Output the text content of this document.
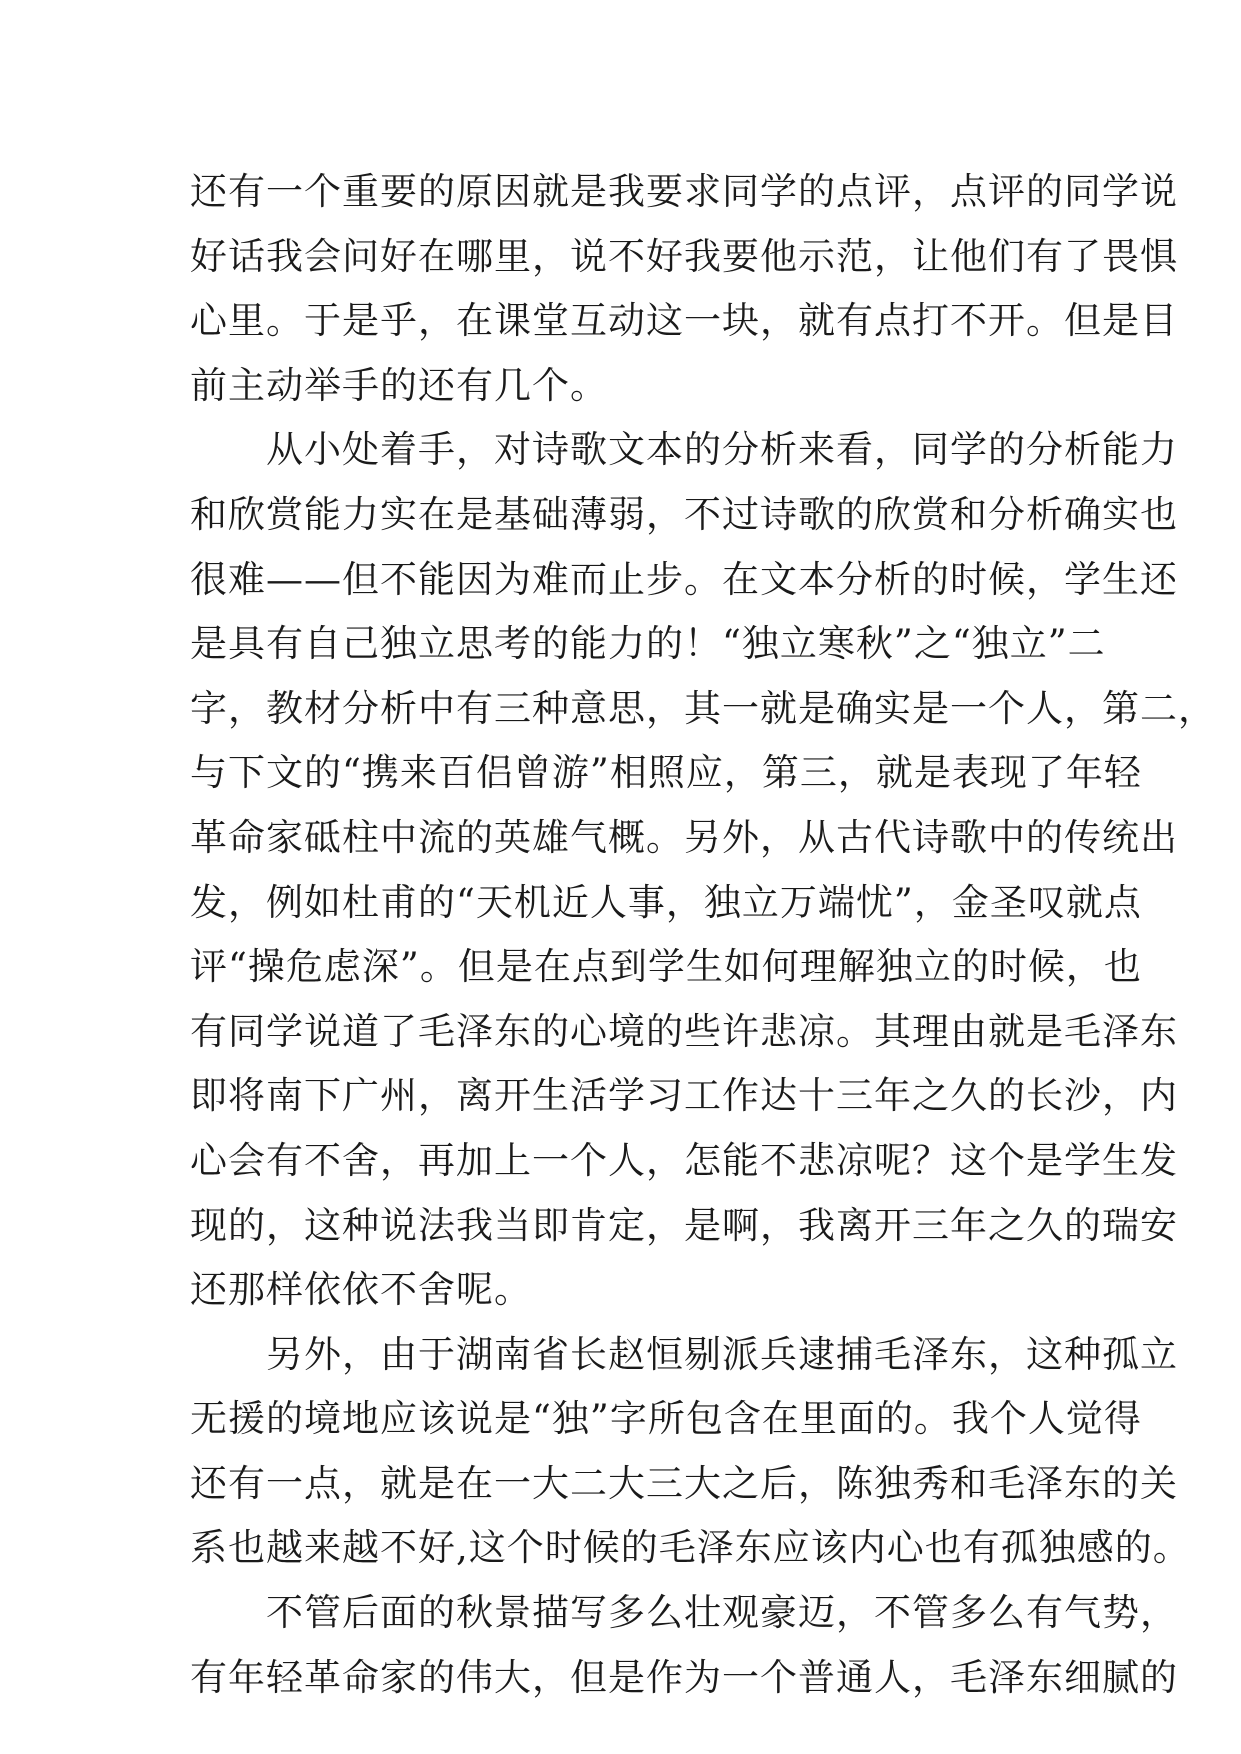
还有一个重要的原因就是我要求同学的点评，点评的同学说
好话我会问好在哪里，说不好我要他示范，让他们有了畏惧
心里。于是乎，在课堂互动这一块，就有点打不开。但是目
前主动举手的还有几个。
　　从小处着手，对诗歌文本的分析来看，同学的分析能力
和欣赏能力实在是基础薄弱，不过诗歌的欣赏和分析确实也
很难——但不能因为难而止步。在文本分析的时候，学生还
是具有自己独立思考的能力的！“独立寒秋”之“独立”二
字，教材分析中有三种意思，其一就是确实是一个人，第二，
与下文的“携来百侣曾游”相照应，第三，就是表现了年轻
革命家砥柱中流的英雄气概。另外，从古代诗歌中的传统出
发，例如杜甫的“天机近人事，独立万端忧”，金圣叹就点
评“操危虑深”。但是在点到学生如何理解独立的时候，也
有同学说道了毛泽东的心境的些许悲凉。其理由就是毛泽东
即将南下广州，离开生活学习工作达十三年之久的长沙，内
心会有不舍，再加上一个人，怎能不悲凉呢？这个是学生发
现的，这种说法我当即肯定，是啊，我离开三年之久的瑞安
还那样依依不舍呢。
　　另外，由于湖南省长赵恒剔派兵逮捕毛泽东，这种孤立
无援的境地应该说是“独”字所包含在里面的。我个人觉得
还有一点，就是在一大二大三大之后，陈独秀和毛泽东的关
系也越来越不好,这个时候的毛泽东应该内心也有孤独感的。
　　不管后面的秋景描写多么壮观豪迈，不管多么有气势，
有年轻革命家的伟大，但是作为一个普通人，毛泽东细腻的
